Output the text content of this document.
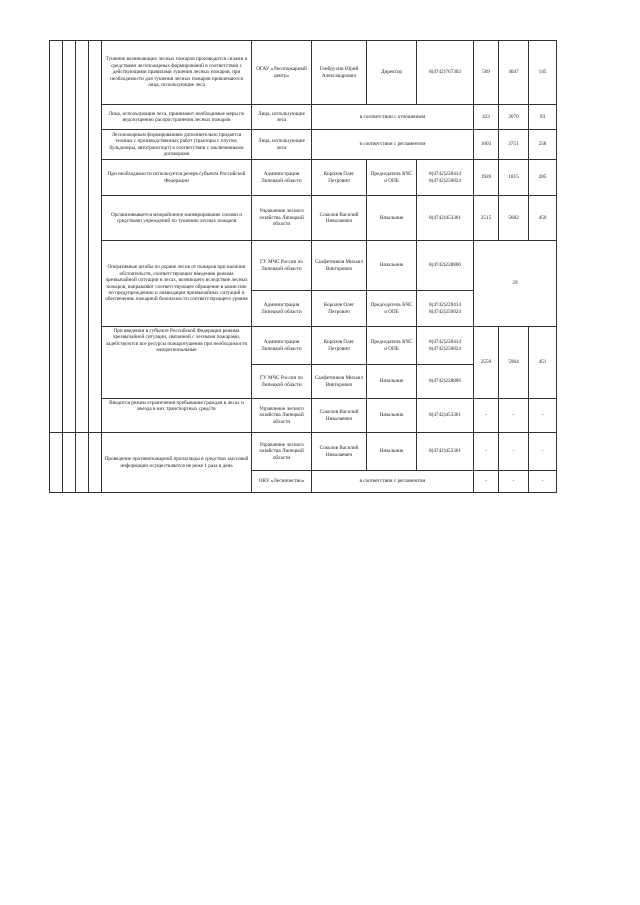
				Тушение возникающих лесных пожаров производится силами и средствами лесопожарных формирований в соответствии с действующими правилами тушения лесных пожаров, при необходимости для тушения лесных пожаров привлекаются лица, использующие леса	ОГАУ «Лесопожарный центр»	Гонбрухин Юрий Александрович	Директор	8(4742)767302	569	4047	145
				Лица, использующие леса, принимают необходимые меры по недопущению распространения лесных пожаров	Лица, использующие леса	в соответствии с отношением			423	2670	93
				Лесопожарным формированиям дополнительно придается техника с производственных работ (тракторы с плугом, бульдозеры, автотранспорт) в соответствии с заключенными договорами	Лица, использующие леса	в соответствии с регламентом			1603	3751	258
				При необходимости используется резерв субъекта Российской Федерации	Администрация Липецкой области	Королев Олег Петрович	Председатель КЧС и ОПБ	8(4742)228414 8(4742)250824	1926	1815	285
				Организовывается межрайонное маневрирование силами и средствами учреждений по тушению лесных пожаров	Управление лесного хозяйства Липецкой области	Соколов Василий Николаевич	Начальник	8(4742)453361	2515	5682	450
				Оперативные штабы по охране лесов от пожаров при наличии обстоятельств, соответствующих введению режима чрезвычайной ситуации в лесах, возникшего вследствие лесных пожаров, направляют соответствующее обращение в комиссию по предупреждению и ликвидации чрезвычайных ситуаций и обеспечению пожарной безопасности соответствующего уровня	ГУ МЧС России по Липецкой области	Салфетников Михаил Викторович	Начальник	8(4742)228806	29		
					Администрация Липецкой области	Королев Олег Петрович	Председатель КЧС и ОПБ	8(4742)228414 8(4742)250824			
				При введении в субъекте Российской Федерации режима чрезвычайной ситуации, связанной с лесными пожарами, задействуются все ресурсы пожаротушения при необходимости межрегиональные	Администрация Липецкой области	Королев Олег Петрович	Председатель КЧС и ОПБ	8(4742)228414 8(4742)250824	2550	5964	451
					ГУ МЧС России по Липецкой области	Салфетников Михаил Викторович	Начальник	8(4742)228806			
				Вводится режим ограничения пребывания граждан в лесах и въезда в них транспортных средств	Управление лесного хозяйства Липецкой области	Соколов Василий Николаевич	Начальник	8(4742)453361	-	-	-
				Проведение противопожарной пропаганды в средствах массовой информации осуществляется не реже 1 раза в день	Управление лесного хозяйства Липецкой области	Соколов Василий Николаевич	Начальник	8(4742)453361	-	-	-
					ОКУ «Лесничество»	в соответствии с регламентом			-	-	-
